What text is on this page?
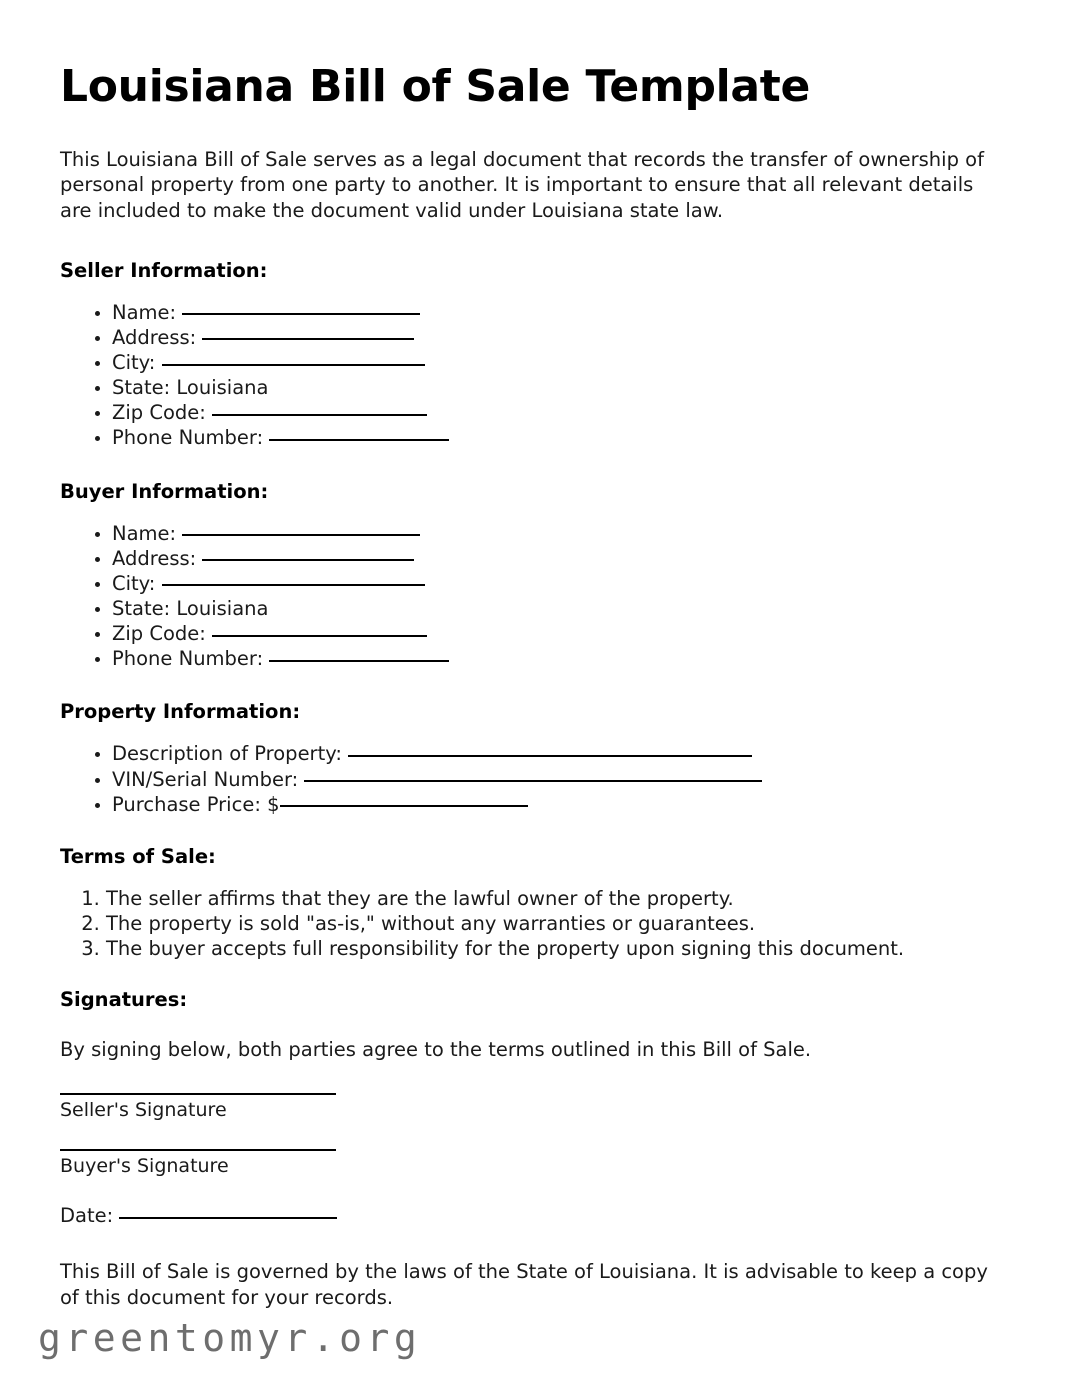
Louisiana Bill of Sale Template

This Louisiana Bill of Sale serves as a legal document that records the transfer of ownership of personal property from one party to another. It is important to ensure that all relevant details are included to make the document valid under Louisiana state law.

Seller Information:
• Name:
• Address:
• City:
• State: Louisiana
• Zip Code:
• Phone Number:
Buyer Information:
• Name:
• Address:
• City:
• State: Louisiana
• Zip Code:
• Phone Number:
Property Information:
• Description of Property:
• VIN/Serial Number:
• Purchase Price: $
Terms of Sale:
1. The seller affirms that they are the lawful owner of the property.
2. The property is sold "as-is," without any warranties or guarantees.
3. The buyer accepts full responsibility for the property upon signing this document.
Signatures:

By signing below, both parties agree to the terms outlined in this Bill of Sale.

Seller's Signature
Buyer's Signature
Date:

This Bill of Sale is governed by the laws of the State of Louisiana. It is advisable to keep a copy of this document for your records.

greentomyr.org
